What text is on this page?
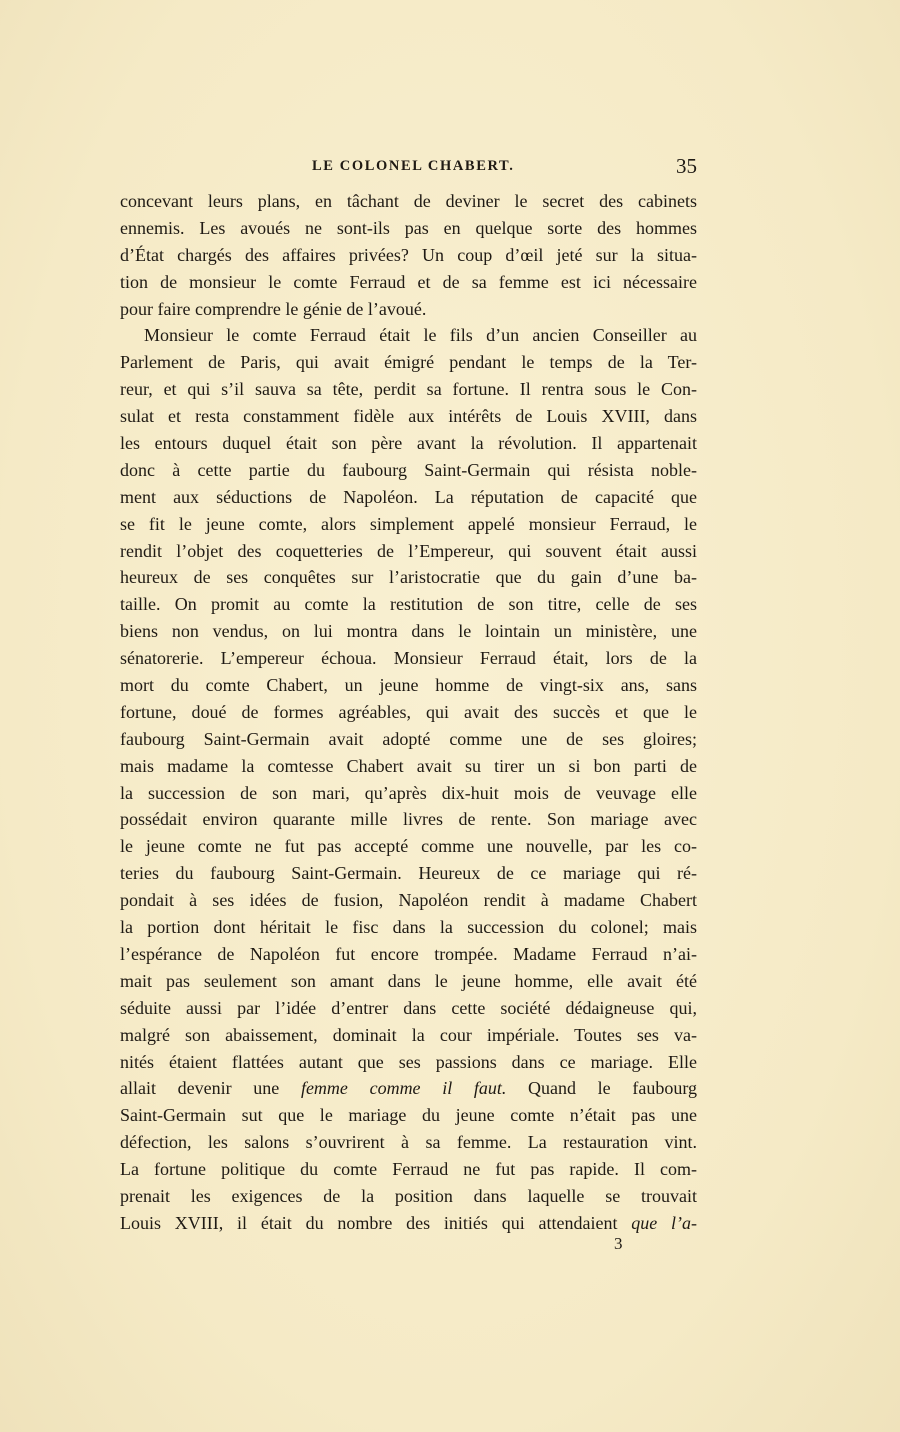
LE COLONEL CHABERT.	35
concevant leurs plans, en tâchant de deviner le secret des cabinets
ennemis. Les avoués ne sont-ils pas en quelque sorte des hommes
d’État chargés des affaires privées? Un coup d’œil jeté sur la situa-
tion de monsieur le comte Ferraud et de sa femme est ici nécessaire
pour faire comprendre le génie de l’avoué.
Monsieur le comte Ferraud était le fils d’un ancien Conseiller au
Parlement de Paris, qui avait émigré pendant le temps de la Ter-
reur, et qui s’il sauva sa tête, perdit sa fortune. Il rentra sous le Con-
sulat et resta constamment fidèle aux intérêts de Louis XVIII, dans
les entours duquel était son père avant la révolution. Il appartenait
donc à cette partie du faubourg Saint-Germain qui résista noble-
ment aux séductions de Napoléon. La réputation de capacité que
se fit le jeune comte, alors simplement appelé monsieur Ferraud, le
rendit l’objet des coquetteries de l’Empereur, qui souvent était aussi
heureux de ses conquêtes sur l’aristocratie que du gain d’une ba-
taille. On promit au comte la restitution de son titre, celle de ses
biens non vendus, on lui montra dans le lointain un ministère, une
sénatorerie. L’empereur échoua. Monsieur Ferraud était, lors de la
mort du comte Chabert, un jeune homme de vingt-six ans, sans
fortune, doué de formes agréables, qui avait des succès et que le
faubourg Saint-Germain avait adopté comme une de ses gloires;
mais madame la comtesse Chabert avait su tirer un si bon parti de
la succession de son mari, qu’après dix-huit mois de veuvage elle
possédait environ quarante mille livres de rente. Son mariage avec
le jeune comte ne fut pas accepté comme une nouvelle, par les co-
teries du faubourg Saint-Germain. Heureux de ce mariage qui ré-
pondait à ses idées de fusion, Napoléon rendit à madame Chabert
la portion dont héritait le fisc dans la succession du colonel; mais
l’espérance de Napoléon fut encore trompée. Madame Ferraud n’ai-
mait pas seulement son amant dans le jeune homme, elle avait été
séduite aussi par l’idée d’entrer dans cette société dédaigneuse qui,
malgré son abaissement, dominait la cour impériale. Toutes ses va-
nités étaient flattées autant que ses passions dans ce mariage. Elle
allait devenir une femme comme il faut. Quand le faubourg
Saint-Germain sut que le mariage du jeune comte n’était pas une
défection, les salons s’ouvrirent à sa femme. La restauration vint.
La fortune politique du comte Ferraud ne fut pas rapide. Il com-
prenait les exigences de la position dans laquelle se trouvait
Louis XVIII, il était du nombre des initiés qui attendaient que l’a-
3
